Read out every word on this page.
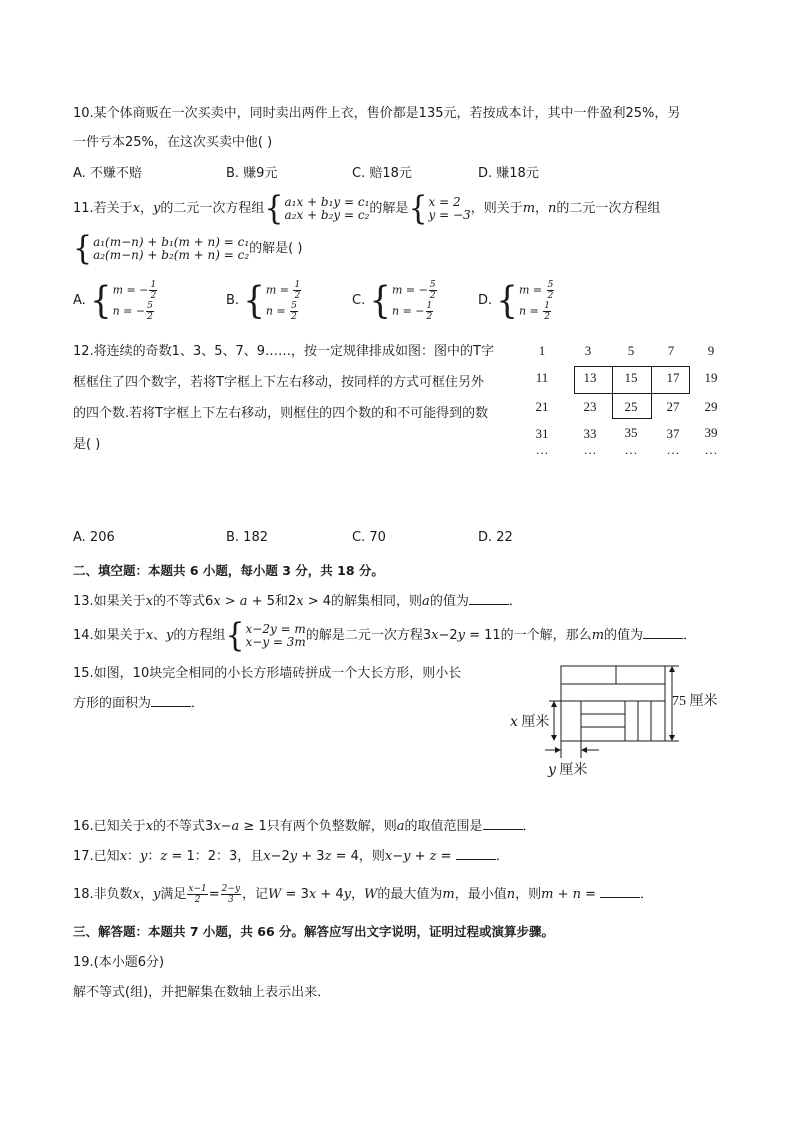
10.某个体商贩在一次买卖中，同时卖出两件上衣，售价都是135元，若按成本计，其中一件盈利25%，另
一件亏本25%，在这次买卖中他( )
A. 不赚不赔	B. 赚9元	C. 赔18元	D. 赚18元
11.若关于x，y的二元一次方程组 { a₁x + b₁y = c₁
a₂x + b₂y = c₂ 的解是 { x = 2
y = −3 ，则关于m，n的二元一次方程组
{ a₁(m−n) + b₁(m + n) = c₁
a₂(m−n) + b₂(m + n) = c₂ 的解是( )
A. { m = − $\frac{1}{2}$
n = − $\frac{5}{2}$	B. { $m = \frac{1}{2}$
$n = \frac{5}{2}$	C. { m = − $\frac{5}{2}$
n = − $\frac{1}{2}$	D. { $m = \frac{5}{2}$
$n = \frac{1}{2}$
12.将连续的奇数1、3、5、7、9……，按一定规律排成如图：图中的T字
框框住了四个数字，若将T字框上下左右移动，按同样的方式可框住另外
的四个数.若将T字框上下左右移动，则框住的四个数的和不可能得到的数
是( )
1	3	5	7	9
11	13	15	17	19
21	23	25	27	29
31	33	35	37	39
…	…	…	…	…
A. 206	B. 182	C. 70	D. 22
二、填空题：本题共 6 小题，每小题 3 分，共 18 分。
13.如果关于x的不等式6x > a + 5和2x > 4的解集相同，则a的值为	．
14.如果关于x、y的方程组 { x−2y = m
x−y = 3m 的解是二元一次方程3x−2y = 11的一个解，那么m的值为	．
15.如图，10块完全相同的小长方形墙砖拼成一个大长方形，则小长
方形的面积为	．	75 厘米
x 厘米
y 厘米
16.已知关于x的不等式3x−a ≥ 1只有两个负整数解，则a的取值范围是	．
17.已知x：y：z = 1：2：3，且x−2y + 3z = 4，则x−y + z =	．
18.非负数x，y满足 $\frac{x-1}{2} = \frac{2-y}{3}$ ，记W = 3x + 4y，W的最大值为m，最小值n，则m + n =	．
三、解答题：本题共 7 小题，共 66 分。解答应写出文字说明，证明过程或演算步骤。
19.(本小题6分)
解不等式(组)，并把解集在数轴上表示出来．
